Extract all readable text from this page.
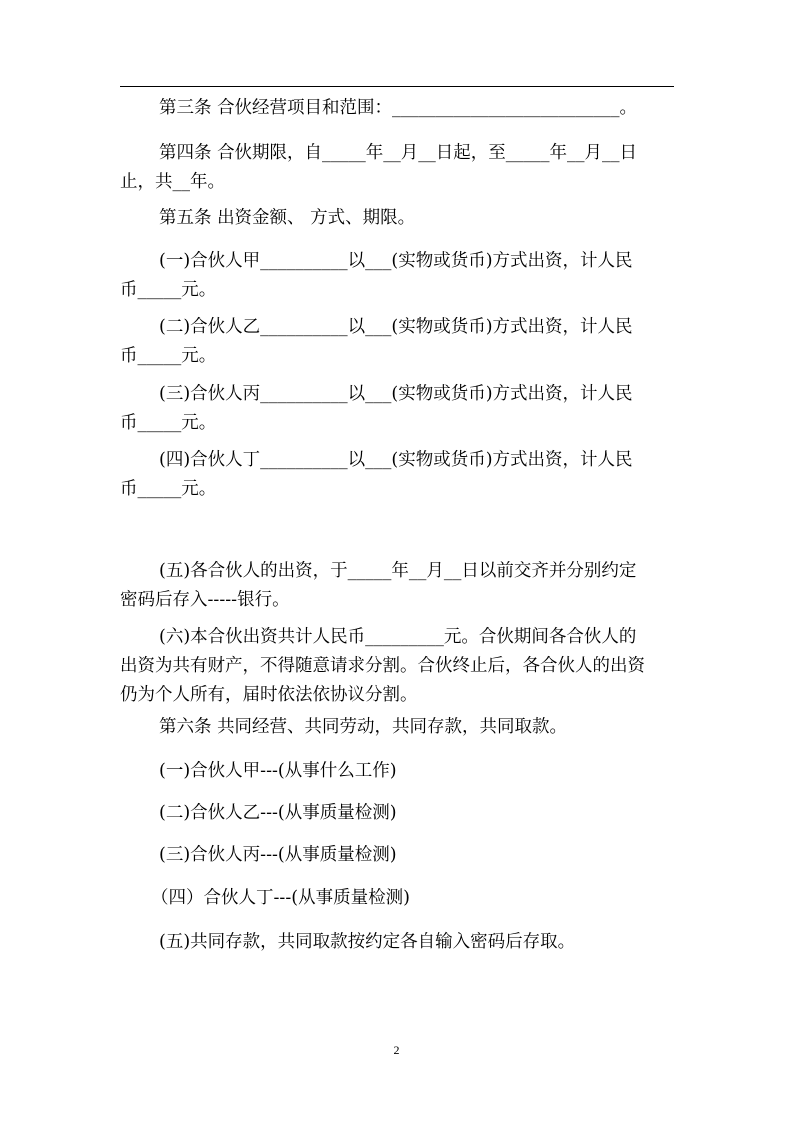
第三条 合伙经营项目和范围：__________________________。

第四条 合伙期限，自_____年__月__日起，至_____年__月__日
止，共__年。

第五条 出资金额、 方式、期限。

(一)合伙人甲__________以___(实物或货币)方式出资，计人民
币_____元。

(二)合伙人乙__________以___(实物或货币)方式出资，计人民
币_____元。

(三)合伙人丙__________以___(实物或货币)方式出资，计人民
币_____元。

(四)合伙人丁__________以___(实物或货币)方式出资，计人民
币_____元。

(五)各合伙人的出资，于_____年__月__日以前交齐并分别约定
密码后存入-----银行。

(六)本合伙出资共计人民币_________元。合伙期间各合伙人的
出资为共有财产，不得随意请求分割。合伙终止后，各合伙人的出资
仍为个人所有，届时依法依协议分割。

第六条 共同经营、共同劳动，共同存款，共同取款。

(一)合伙人甲---(从事什么工作)

(二)合伙人乙---(从事质量检测)

(三)合伙人丙---(从事质量检测)

（四）合伙人丁---(从事质量检测)

(五)共同存款，共同取款按约定各自输入密码后存取。

2
